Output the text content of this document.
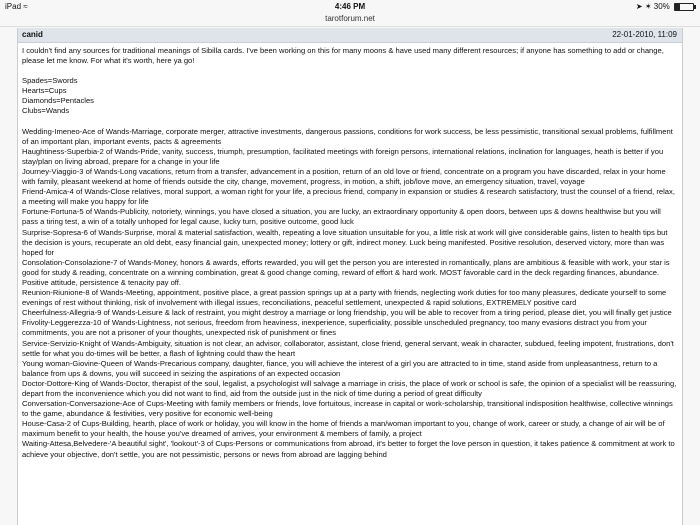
iPad ≈	4:46 PM	➤ ✶ 30%
tarotforum.net
canid	22-01-2010, 11:09

I couldn't find any sources for traditional meanings of Sibilla cards. I've been working on this for many moons & have used many different resources; if anyone has something to add or change, please let me know. For what it's worth, here ya go!

Spades=Swords

Hearts=Cups

Diamonds=Pentacles

Clubs=Wands

Wedding-Imeneo-Ace of Wands-Marriage, corporate merger, attractive investments, dangerous passions, conditions for work success, be less pessimistic, transitional sexual problems, fulfillment of an important plan, important events, pacts & agreements

Haughtiness-Superbia-2 of Wands-Pride, vanity, success, triumph, presumption, facilitated meetings with foreign persons, international relations, inclination for languages, heath is better if you stay/plan on living abroad, prepare for a change in your life

Journey-Viaggio-3 of Wands-Long vacations, return from a transfer, advancement in a position, return of an old love or friend, concentrate on a program you have discarded, relax in your home with family, pleasant weekend at home of friends outside the city, change, movement, progress, in motion, a shift, job/love move, an emergency situation, travel, voyage

Friend-Amica-4 of Wands-Close relatives, moral support, a woman right for your life, a precious friend, company in expansion or studies & research satisfactory, trust the counsel of a friend, relax, a meeting will make you happy for life

Fortune-Fortuna-5 of Wands-Publicity, notoriety, winnings, you have closed a situation, you are lucky, an extraordinary opportunity & open doors, between ups & downs healthwise but you will pass a tiring test, a win of a totally unhoped for legal cause, lucky turn, positive outcome, good luck

Surprise-Sopresa-6 of Wands-Surprise, moral & material satisfaction, wealth, repeating a love situation unsuitable for you, a little risk at work will give considerable gains, listen to health tips but the decision is yours, recuperate an old debt, easy financial gain, unexpected money; lottery or gift, indirect money. Luck being manifested. Positive resolution, deserved victory, more than was hoped for

Consolation-Consolazione-7 of Wands-Money, honors & awards, efforts rewarded, you will get the person you are interested in romantically, plans are ambitious & feasible with work, your star is good for study & reading, concentrate on a winning combination, great & good change coming, reward of effort & hard work. MOST favorable card in the deck regarding finances, abundance. Positive attitude, persistence & tenacity pay off.

Reunion-Riunione-8 of Wands-Meeting, appointment, positive place, a great passion springs up at a party with friends, neglecting work duties for too many pleasures, dedicate yourself to some evenings of rest without thinking, risk of involvement with illegal issues, reconciliations, peaceful settlement, unexpected & rapid solutions, EXTREMELY positive card

Cheerfulness-Allegria-9 of Wands-Leisure & lack of restraint, you might destroy a marriage or long friendship, you will be able to recover from a tiring period, please diet, you will finally get justice

Frivolity-Leggerezza-10 of Wands-Lightness, not serious, freedom from heaviness, inexperience, superficiality, possible unscheduled pregnancy, too many evasions distract you from your commitments, you are not a prisoner of your thoughts, unexpected risk of punishment or fines

Service-Servizio-Knight of Wands-Ambiguity, situation is not clear, an advisor, collaborator, assistant, close friend, general servant, weak in character, subdued, feeling impotent, frustrations, don't settle for what you do-times will be better, a flash of lightning could thaw the heart

Young woman-Giovine-Queen of Wands-Precarious company, daughter, fiance, you will achieve the interest of a girl you are attracted to in time, stand aside from unpleasantness, return to a balance from ups & downs, you will succeed in seizing the aspirations of an expected occasion

Doctor-Dottore-King of Wands-Doctor, therapist of the soul, legalist, a psychologist will salvage a marriage in crisis, the place of work or school is safe, the opinion of a specialist will be reassuring, depart from the inconvenience which you did not want to find, aid from the outside just in the nick of time during a period of great difficulty

Conversation-Conversazione-Ace of Cups-Meeting with family members or friends, love fortuitous, increase in capital or work-scholarship, transitional indisposition healthwise, collective winnings to the game, abundance & festivities, very positive for economic well-being

House-Casa-2 of Cups-Building, hearth, place of work or holiday, you will know in the home of friends a man/woman important to you, change of work, career or study, a change of air will be of maximum benefit to your health, the house you've dreamed of arrives, your environment & members of family, a project

Waiting-Attesa,Belvedere-'A beautiful sight', 'lookout'-3 of Cups-Persons or communications from abroad, it's better to forget the love person in question, it takes patience & commitment at work to achieve your objective, don't settle, you are not pessimistic, persons or news from abroad are lagging behind
